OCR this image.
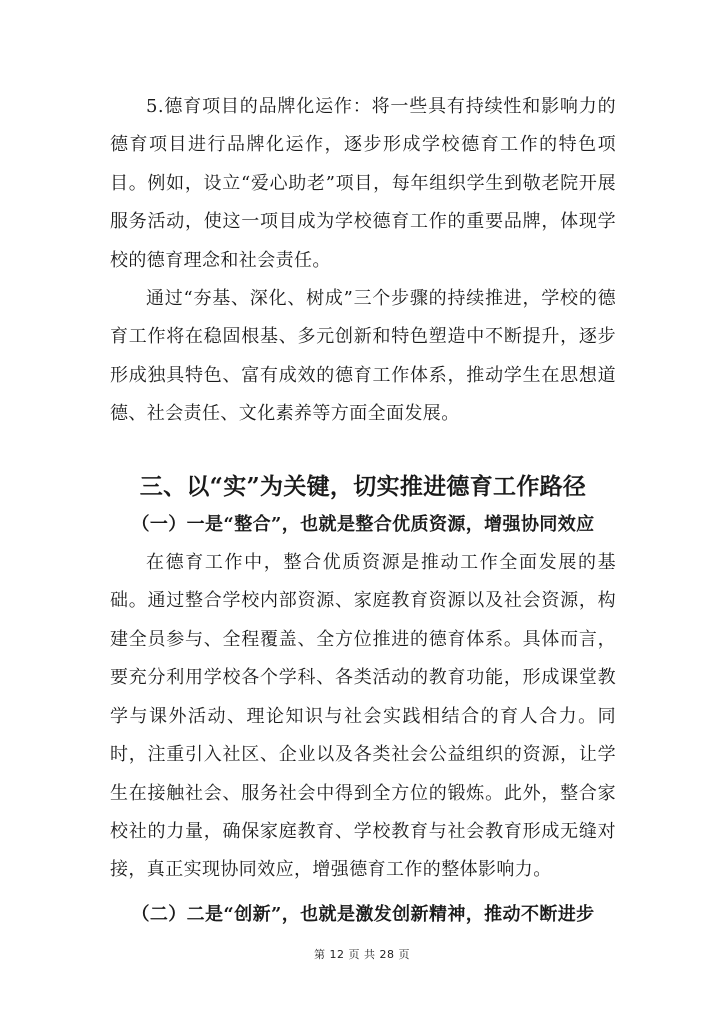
5.德育项目的品牌化运作：将一些具有持续性和影响力的德育项目进行品牌化运作，逐步形成学校德育工作的特色项目。例如，设立“爱心助老”项目，每年组织学生到敬老院开展服务活动，使这一项目成为学校德育工作的重要品牌，体现学校的德育理念和社会责任。

通过“夯基、深化、树成”三个步骤的持续推进，学校的德育工作将在稳固根基、多元创新和特色塑造中不断提升，逐步形成独具特色、富有成效的德育工作体系，推动学生在思想道德、社会责任、文化素养等方面全面发展。

三、以“实”为关键，切实推进德育工作路径
（一）一是“整合”，也就是整合优质资源，增强协同效应

在德育工作中，整合优质资源是推动工作全面发展的基础。通过整合学校内部资源、家庭教育资源以及社会资源，构建全员参与、全程覆盖、全方位推进的德育体系。具体而言，要充分利用学校各个学科、各类活动的教育功能，形成课堂教学与课外活动、理论知识与社会实践相结合的育人合力。同时，注重引入社区、企业以及各类社会公益组织的资源，让学生在接触社会、服务社会中得到全方位的锻炼。此外，整合家校社的力量，确保家庭教育、学校教育与社会教育形成无缝对接，真正实现协同效应，增强德育工作的整体影响力。

（二）二是“创新”，也就是激发创新精神，推动不断进步
第 12 页 共 28 页
